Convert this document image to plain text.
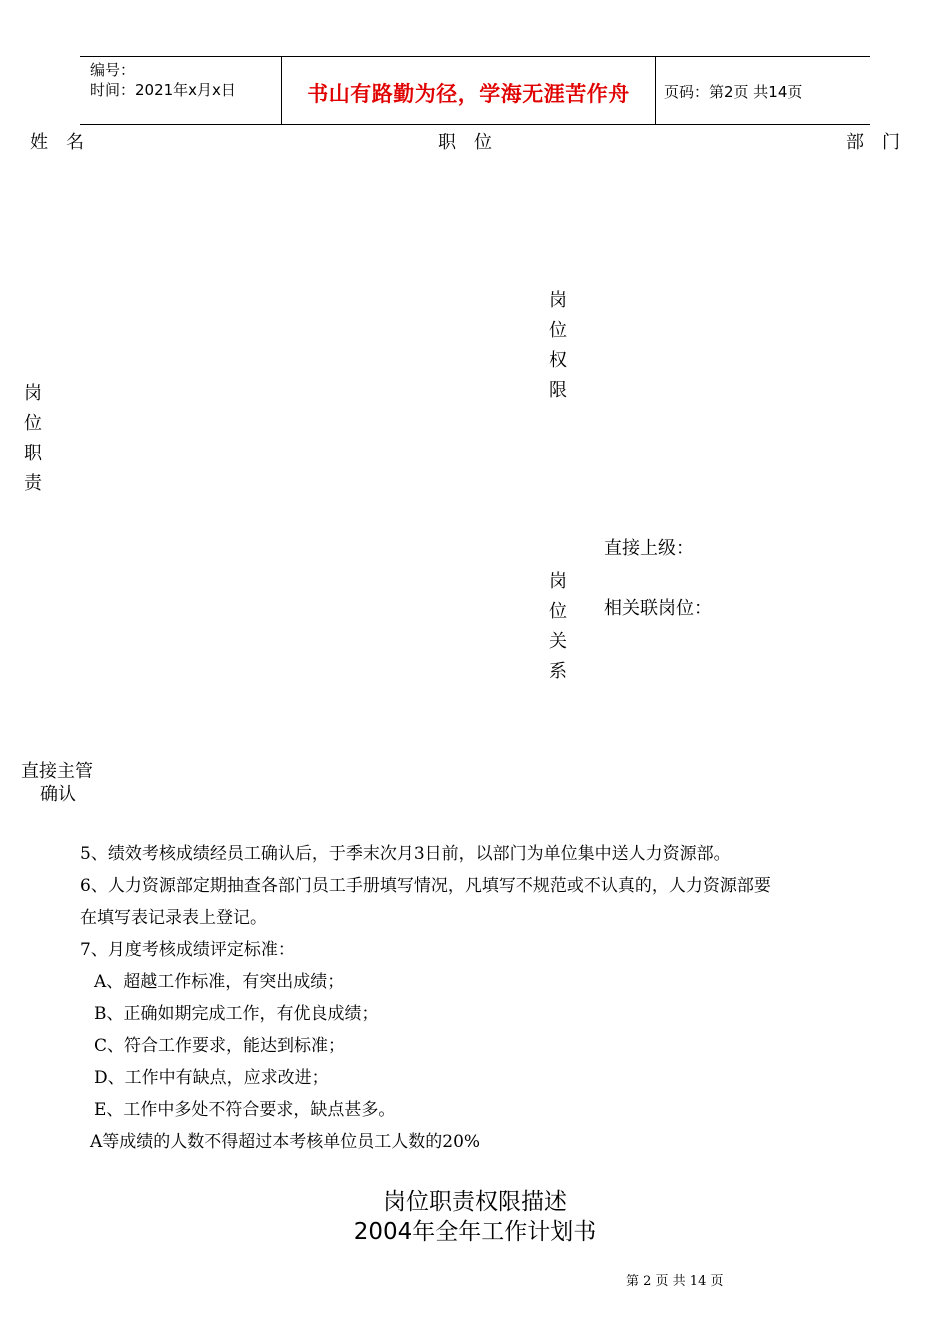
编号：
时间：2021年x月x日	书山有路勤为径，学海无涯苦作舟	页码：第2页 共14页
姓　名	职　位	部　门
岗位职责
岗位权限
岗位关系
直接上级：
相关联岗位：
直接主管
确认
5、绩效考核成绩经员工确认后，于季末次月3日前，以部门为单位集中送人力资源部。
6、人力资源部定期抽查各部门员工手册填写情况，凡填写不规范或不认真的，人力资源部要
在填写表记录表上登记。
7、月度考核成绩评定标准：
A、超越工作标准，有突出成绩；
B、正确如期完成工作，有优良成绩；
C、符合工作要求，能达到标准；
D、工作中有缺点，应求改进；
E、工作中多处不符合要求，缺点甚多。
A等成绩的人数不得超过本考核单位员工人数的20%
岗位职责权限描述
2004年全年工作计划书
第 2 页 共 14 页
